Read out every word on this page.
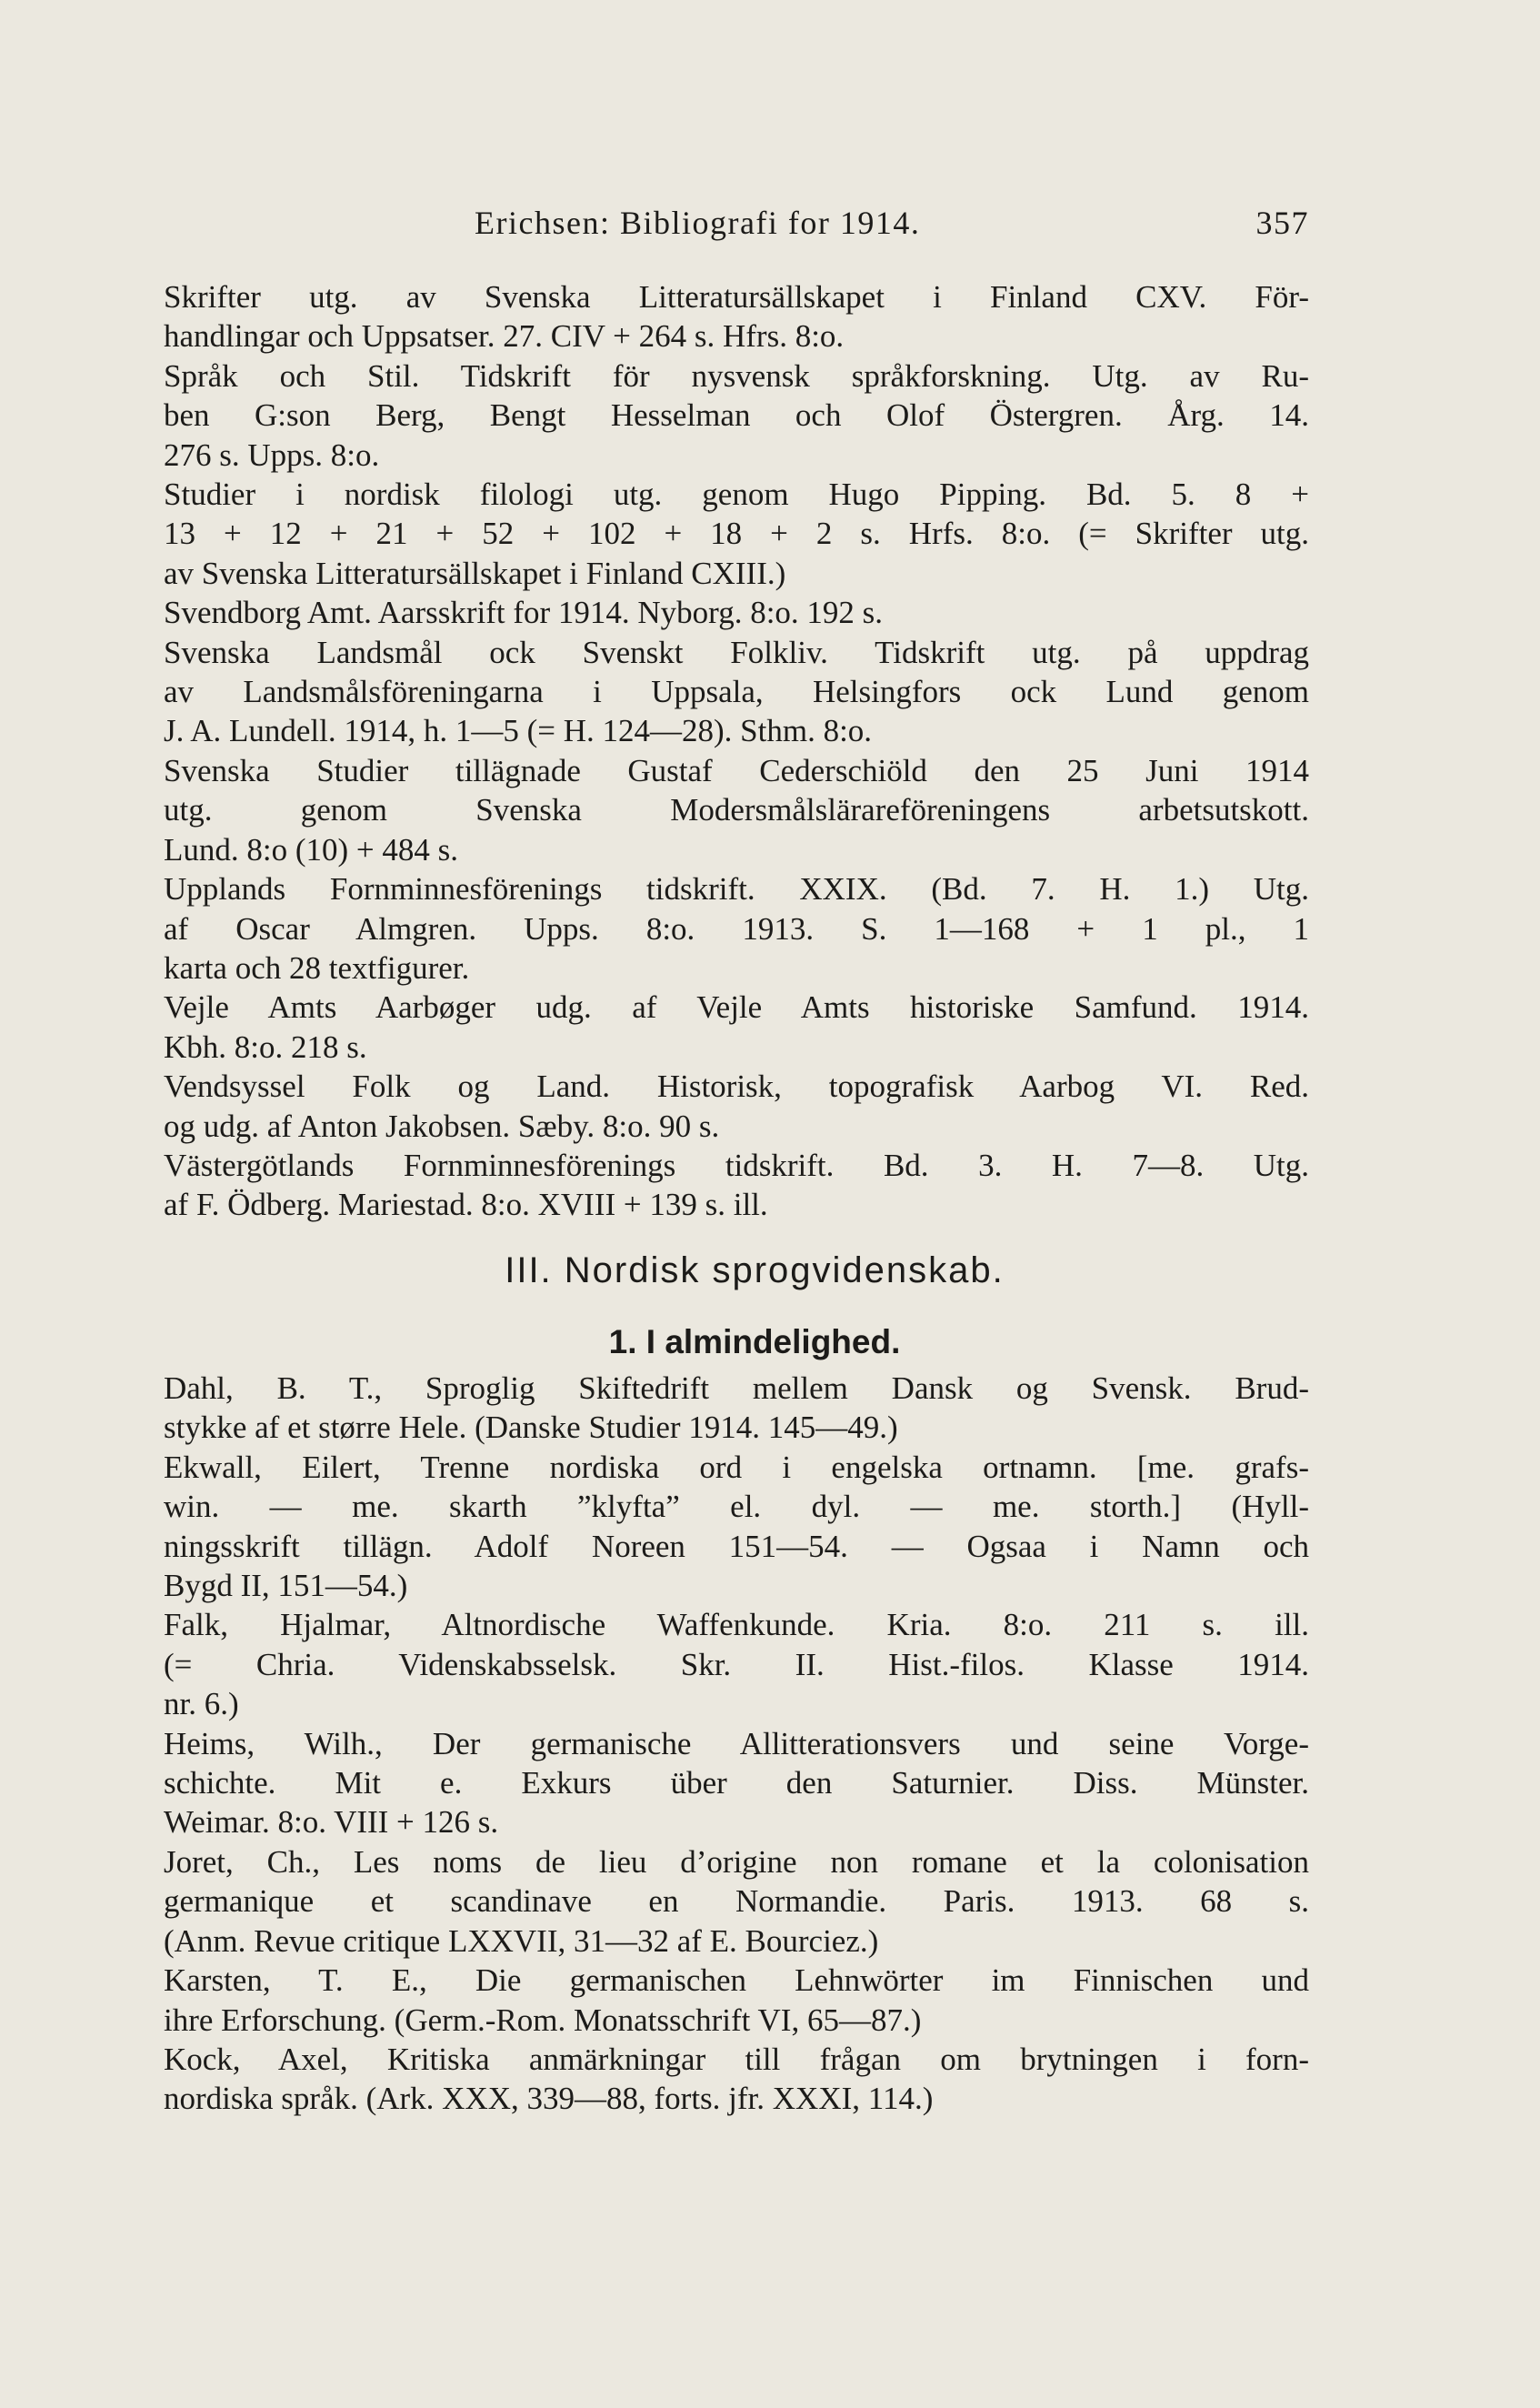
Erichsen: Bibliografi for 1914.	357

Skrifter utg. av Svenska Litteratursällskapet i Finland CXV. För-
handlingar och Uppsatser. 27. CIV + 264 s. Hfrs. 8:o.

Språk och Stil. Tidskrift för nysvensk språkforskning. Utg. av Ru-
ben G:son Berg, Bengt Hesselman och Olof Östergren. Årg. 14.
276 s. Upps. 8:o.

Studier i nordisk filologi utg. genom Hugo Pipping. Bd. 5. 8 +
13 + 12 + 21 + 52 + 102 + 18 + 2 s. Hrfs. 8:o. (= Skrifter utg.
av Svenska Litteratursällskapet i Finland CXIII.)

Svendborg Amt. Aarsskrift for 1914. Nyborg. 8:o. 192 s.

Svenska Landsmål ock Svenskt Folkliv. Tidskrift utg. på uppdrag
av Landsmålsföreningarna i Uppsala, Helsingfors ock Lund genom
J. A. Lundell. 1914, h. 1—5 (= H. 124—28). Sthm. 8:o.

Svenska Studier tillägnade Gustaf Cederschiöld den 25 Juni 1914
utg. genom Svenska Modersmålslärareföreningens arbetsutskott.
Lund. 8:o (10) + 484 s.

Upplands Fornminnesförenings tidskrift. XXIX. (Bd. 7. H. 1.) Utg.
af Oscar Almgren. Upps. 8:o. 1913. S. 1—168 + 1 pl., 1
karta och 28 textfigurer.

Vejle Amts Aarbøger udg. af Vejle Amts historiske Samfund. 1914.
Kbh. 8:o. 218 s.

Vendsyssel Folk og Land. Historisk, topografisk Aarbog VI. Red.
og udg. af Anton Jakobsen. Sæby. 8:o. 90 s.

Västergötlands Fornminnesförenings tidskrift. Bd. 3. H. 7—8. Utg.
af F. Ödberg. Mariestad. 8:o. XVIII + 139 s. ill.

III. Nordisk sprogvidenskab.
1. I almindelighed.

Dahl, B. T., Sproglig Skiftedrift mellem Dansk og Svensk. Brud-
stykke af et større Hele. (Danske Studier 1914. 145—49.)

Ekwall, Eilert, Trenne nordiska ord i engelska ortnamn. [me. grafs-
win. — me. skarth ”klyfta” el. dyl. — me. storth.] (Hyll-
ningsskrift tillägn. Adolf Noreen 151—54. — Ogsaa i Namn och
Bygd II, 151—54.)

Falk, Hjalmar, Altnordische Waffenkunde. Kria. 8:o. 211 s. ill.
(= Chria. Videnskabsselsk. Skr. II. Hist.-filos. Klasse 1914.
nr. 6.)

Heims, Wilh., Der germanische Allitterationsvers und seine Vorge-
schichte. Mit e. Exkurs über den Saturnier. Diss. Münster.
Weimar. 8:o. VIII + 126 s.

Joret, Ch., Les noms de lieu d’origine non romane et la colonisation
germanique et scandinave en Normandie. Paris. 1913. 68 s.
(Anm. Revue critique LXXVII, 31—32 af E. Bourciez.)

Karsten, T. E., Die germanischen Lehnwörter im Finnischen und
ihre Erforschung. (Germ.-Rom. Monatsschrift VI, 65—87.)

Kock, Axel, Kritiska anmärkningar till frågan om brytningen i forn-
nordiska språk. (Ark. XXX, 339—88, forts. jfr. XXXI, 114.)
